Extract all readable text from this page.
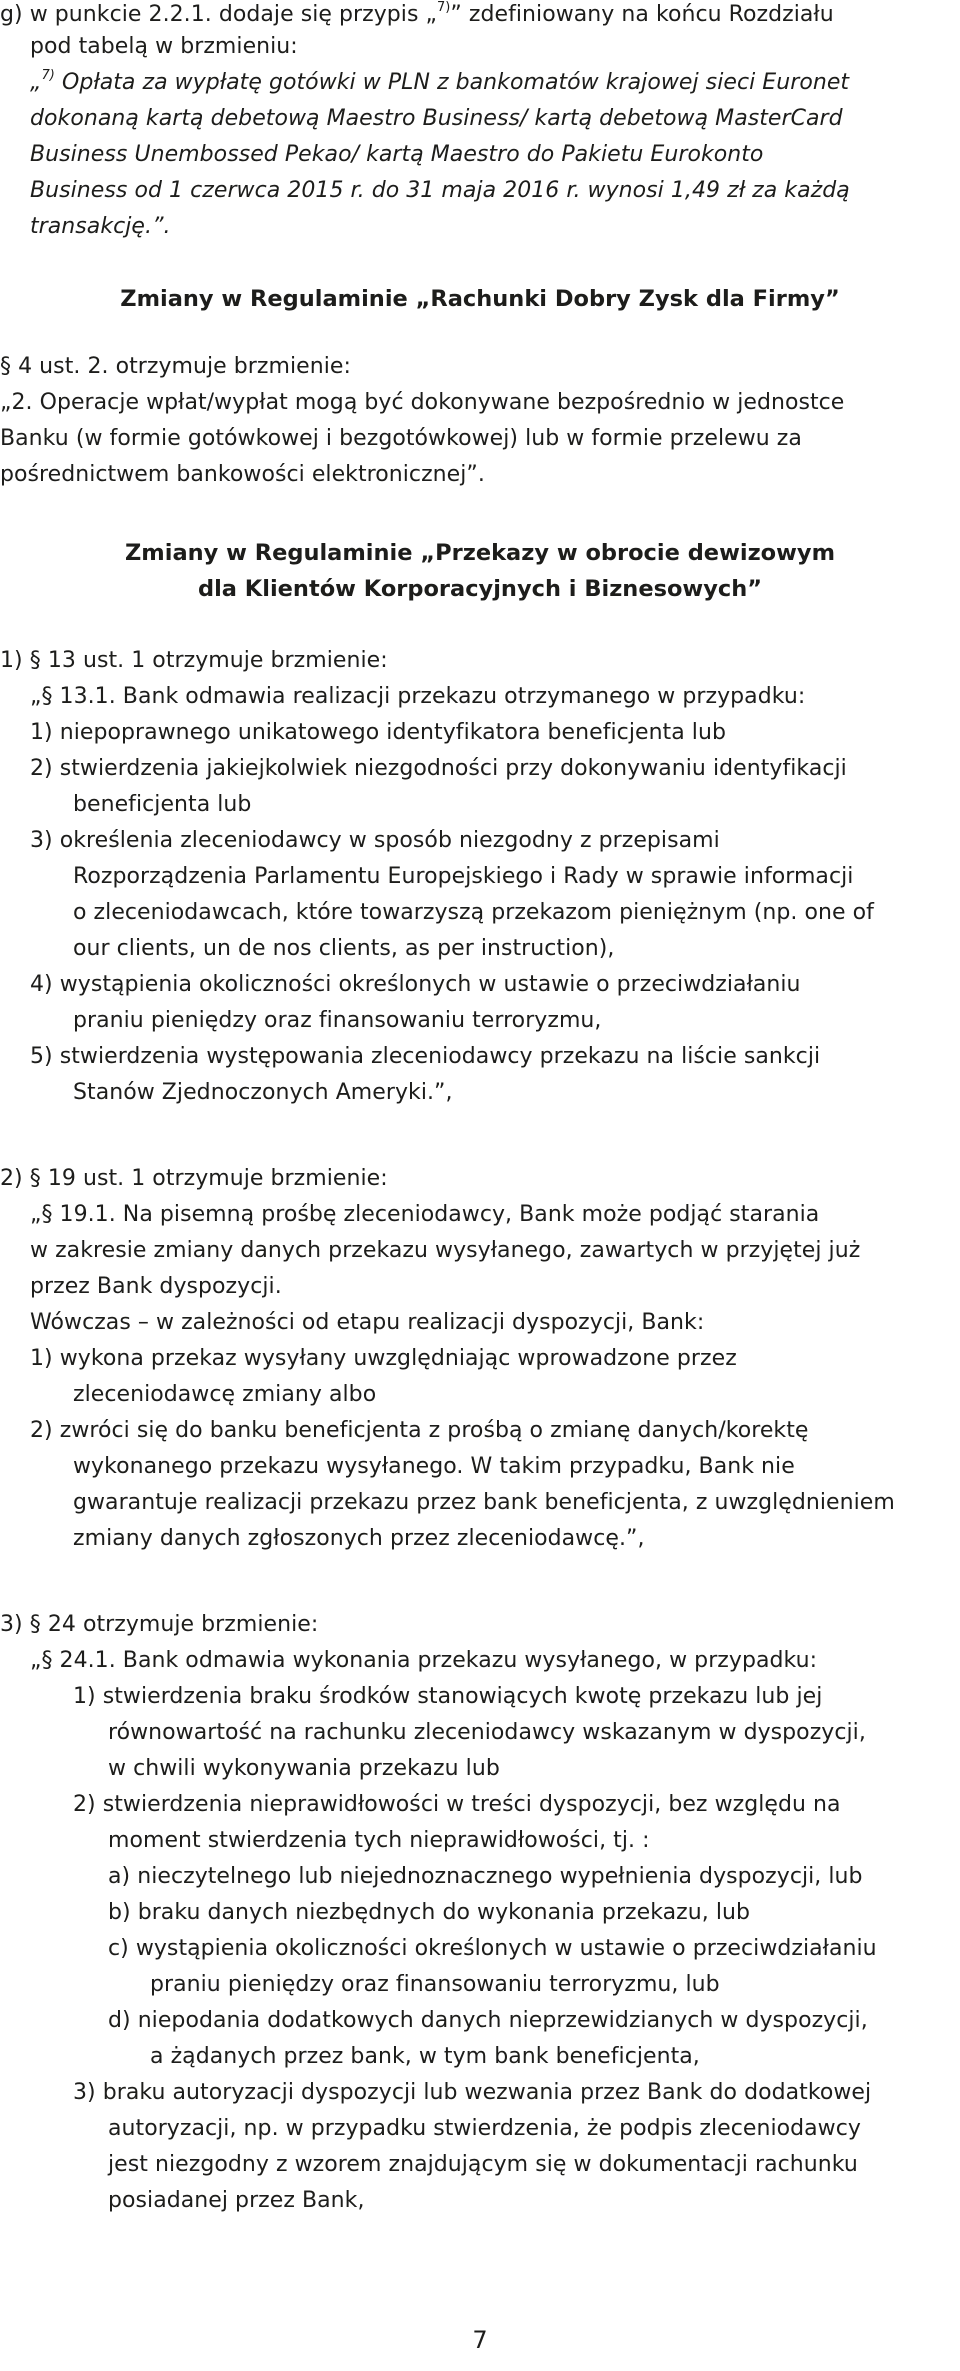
g) w punkcie 2.2.1. dodaje się przypis „$^{7)}$” zdefiniowany na końcu Rozdziału
pod tabelą w brzmieniu:
„$^{7)}$ Opłata za wypłatę gotówki w PLN z bankomatów krajowej sieci Euronet
dokonaną kartą debetową Maestro Business/ kartą debetową MasterCard
Business Unembossed Pekao/ kartą Maestro do Pakietu Eurokonto
Business od 1 czerwca 2015 r. do 31 maja 2016 r. wynosi 1,49 zł za każdą
transakcję.”.
Zmiany w Regulaminie „Rachunki Dobry Zysk dla Firmy”
§ 4 ust. 2. otrzymuje brzmienie:
„2. Operacje wpłat/wypłat mogą być dokonywane bezpośrednio w jednostce
Banku (w formie gotówkowej i bezgotówkowej) lub w formie przelewu za
pośrednictwem bankowości elektronicznej”.
Zmiany w Regulaminie „Przekazy w obrocie dewizowym
dla Klientów Korporacyjnych i Biznesowych”
1) § 13 ust. 1 otrzymuje brzmienie:
„§ 13.1. Bank odmawia realizacji przekazu otrzymanego w przypadku:
1) niepoprawnego unikatowego identyfikatora beneficjenta lub
2) stwierdzenia jakiejkolwiek niezgodności przy dokonywaniu identyfikacji
beneficjenta lub
3) określenia zleceniodawcy w sposób niezgodny z przepisami
Rozporządzenia Parlamentu Europejskiego i Rady w sprawie informacji
o zleceniodawcach, które towarzyszą przekazom pieniężnym (np. one of
our clients, un de nos clients, as per instruction),
4) wystąpienia okoliczności określonych w ustawie o przeciwdziałaniu
praniu pieniędzy oraz finansowaniu terroryzmu,
5) stwierdzenia występowania zleceniodawcy przekazu na liście sankcji
Stanów Zjednoczonych Ameryki.”,
2) § 19 ust. 1 otrzymuje brzmienie:
„§ 19.1. Na pisemną prośbę zleceniodawcy, Bank może podjąć starania
w zakresie zmiany danych przekazu wysyłanego, zawartych w przyjętej już
przez Bank dyspozycji.
Wówczas – w zależności od etapu realizacji dyspozycji, Bank:
1) wykona przekaz wysyłany uwzględniając wprowadzone przez
zleceniodawcę zmiany albo
2) zwróci się do banku beneficjenta z prośbą o zmianę danych/korektę
wykonanego przekazu wysyłanego. W takim przypadku, Bank nie
gwarantuje realizacji przekazu przez bank beneficjenta, z uwzględnieniem
zmiany danych zgłoszonych przez zleceniodawcę.”,
3) § 24 otrzymuje brzmienie:
„§ 24.1. Bank odmawia wykonania przekazu wysyłanego, w przypadku:
1) stwierdzenia braku środków stanowiących kwotę przekazu lub jej
równowartość na rachunku zleceniodawcy wskazanym w dyspozycji,
w chwili wykonywania przekazu lub
2) stwierdzenia nieprawidłowości w treści dyspozycji, bez względu na
moment stwierdzenia tych nieprawidłowości, tj. :
a) nieczytelnego lub niejednoznacznego wypełnienia dyspozycji, lub
b) braku danych niezbędnych do wykonania przekazu, lub
c) wystąpienia okoliczności określonych w ustawie o przeciwdziałaniu
praniu pieniędzy oraz finansowaniu terroryzmu, lub
d) niepodania dodatkowych danych nieprzewidzianych w dyspozycji,
a żądanych przez bank, w tym bank beneficjenta,
3) braku autoryzacji dyspozycji lub wezwania przez Bank do dodatkowej
autoryzacji, np. w przypadku stwierdzenia, że podpis zleceniodawcy
jest niezgodny z wzorem znajdującym się w dokumentacji rachunku
posiadanej przez Bank,
7
